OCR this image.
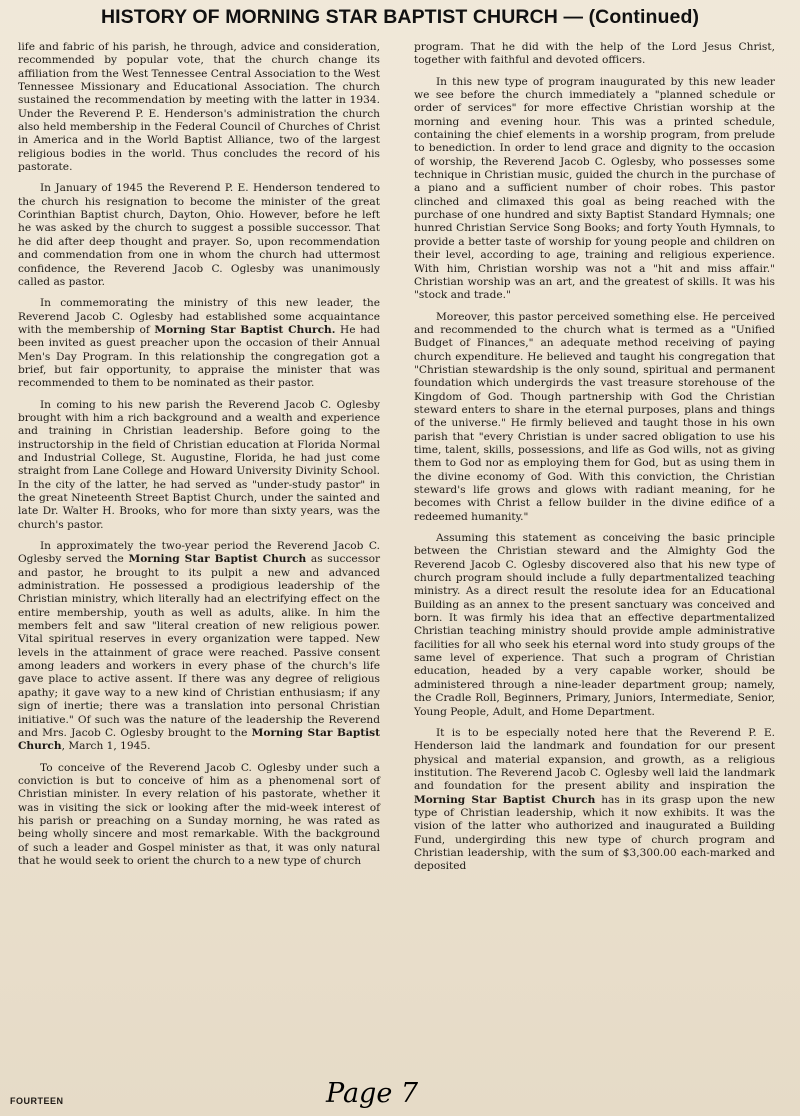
HISTORY OF MORNING STAR BAPTIST CHURCH — (Continued)

life and fabric of his parish, he through, advice and consideration, recommended by popular vote, that the church change its affiliation from the West Tennessee Central Association to the West Tennessee Missionary and Educational Association. The church sustained the recommendation by meeting with the latter in 1934. Under the Reverend P. E. Henderson's administration the church also held membership in the Federal Council of Churches of Christ in America and in the World Baptist Alliance, two of the largest religious bodies in the world. Thus concludes the record of his pastorate.

In January of 1945 the Reverend P. E. Henderson tendered to the church his resignation to become the minister of the great Corinthian Baptist church, Dayton, Ohio. However, before he left he was asked by the church to suggest a possible successor. That he did after deep thought and prayer. So, upon recommendation and commendation from one in whom the church had uttermost confidence, the Reverend Jacob C. Oglesby was unanimously called as pastor.

In commemorating the ministry of this new leader, the Reverend Jacob C. Oglesby had established some acquaintance with the membership of Morning Star Baptist Church. He had been invited as guest preacher upon the occasion of their Annual Men's Day Program. In this relationship the congregation got a brief, but fair opportunity, to appraise the minister that was recommended to them to be nominated as their pastor.

In coming to his new parish the Reverend Jacob C. Oglesby brought with him a rich background and a wealth and experience and training in Christian leadership. Before going to the instructorship in the field of Christian education at Florida Normal and Industrial College, St. Augustine, Florida, he had just come straight from Lane College and Howard University Divinity School. In the city of the latter, he had served as "under-study pastor" in the great Nineteenth Street Baptist Church, under the sainted and late Dr. Walter H. Brooks, who for more than sixty years, was the church's pastor.

In approximately the two-year period the Reverend Jacob C. Oglesby served the Morning Star Baptist Church as successor and pastor, he brought to its pulpit a new and advanced administration. He possessed a prodigious leadership of the Christian ministry, which literally had an electrifying effect on the entire membership, youth as well as adults, alike. In him the members felt and saw "literal creation of new religious power. Vital spiritual reserves in every organization were tapped. New levels in the attainment of grace were reached. Passive consent among leaders and workers in every phase of the church's life gave place to active assent. If there was any degree of religious apathy; it gave way to a new kind of Christian enthusiasm; if any sign of inertie; there was a translation into personal Christian initiative." Of such was the nature of the leadership the Reverend and Mrs. Jacob C. Oglesby brought to the Morning Star Baptist Church, March 1, 1945.

To conceive of the Reverend Jacob C. Oglesby under such a conviction is but to conceive of him as a phenomenal sort of Christian minister. In every relation of his pastorate, whether it was in visiting the sick or looking after the mid-week interest of his parish or preaching on a Sunday morning, he was rated as being wholly sincere and most remarkable. With the background of such a leader and Gospel minister as that, it was only natural that he would seek to orient the church to a new type of church

program. That he did with the help of the Lord Jesus Christ, together with faithful and devoted officers.

In this new type of program inaugurated by this new leader we see before the church immediately a "planned schedule or order of services" for more effective Christian worship at the morning and evening hour. This was a printed schedule, containing the chief elements in a worship program, from prelude to benediction. In order to lend grace and dignity to the occasion of worship, the Reverend Jacob C. Oglesby, who possesses some technique in Christian music, guided the church in the purchase of a piano and a sufficient number of choir robes. This pastor clinched and climaxed this goal as being reached with the purchase of one hundred and sixty Baptist Standard Hymnals; one hunred Christian Service Song Books; and forty Youth Hymnals, to provide a better taste of worship for young people and children on their level, according to age, training and religious experience. With him, Christian worship was not a "hit and miss affair." Christian worship was an art, and the greatest of skills. It was his "stock and trade."

Moreover, this pastor perceived something else. He perceived and recommended to the church what is termed as a "Unified Budget of Finances," an adequate method receiving of paying church expenditure. He believed and taught his congregation that "Christian stewardship is the only sound, spiritual and permanent foundation which undergirds the vast treasure storehouse of the Kingdom of God. Though partnership with God the Christian steward enters to share in the eternal purposes, plans and things of the universe." He firmly believed and taught those in his own parish that "every Christian is under sacred obligation to use his time, talent, skills, possessions, and life as God wills, not as giving them to God nor as employing them for God, but as using them in the divine economy of God. With this conviction, the Christian steward's life grows and glows with radiant meaning, for he becomes with Christ a fellow builder in the divine edifice of a redeemed humanity."

Assuming this statement as conceiving the basic principle between the Christian steward and the Almighty God the Reverend Jacob C. Oglesby discovered also that his new type of church program should include a fully departmentalized teaching ministry. As a direct result the resolute idea for an Educational Building as an annex to the present sanctuary was conceived and born. It was firmly his idea that an effective departmentalized Christian teaching ministry should provide ample administrative facilities for all who seek his eternal word into study groups of the same level of experience. That such a program of Christian education, headed by a very capable worker, should be administered through a nine-leader department group; namely, the Cradle Roll, Beginners, Primary, Juniors, Intermediate, Senior, Young People, Adult, and Home Department.

It is to be especially noted here that the Reverend P. E. Henderson laid the landmark and foundation for our present physical and material expansion, and growth, as a religious institution. The Reverend Jacob C. Oglesby well laid the landmark and foundation for the present ability and inspiration the Morning Star Baptist Church has in its grasp upon the new type of Christian leadership, which it now exhibits. It was the vision of the latter who authorized and inaugurated a Building Fund, undergirding this new type of church program and Christian leadership, with the sum of $3,300.00 each-marked and deposited

FOURTEEN	Page 7
